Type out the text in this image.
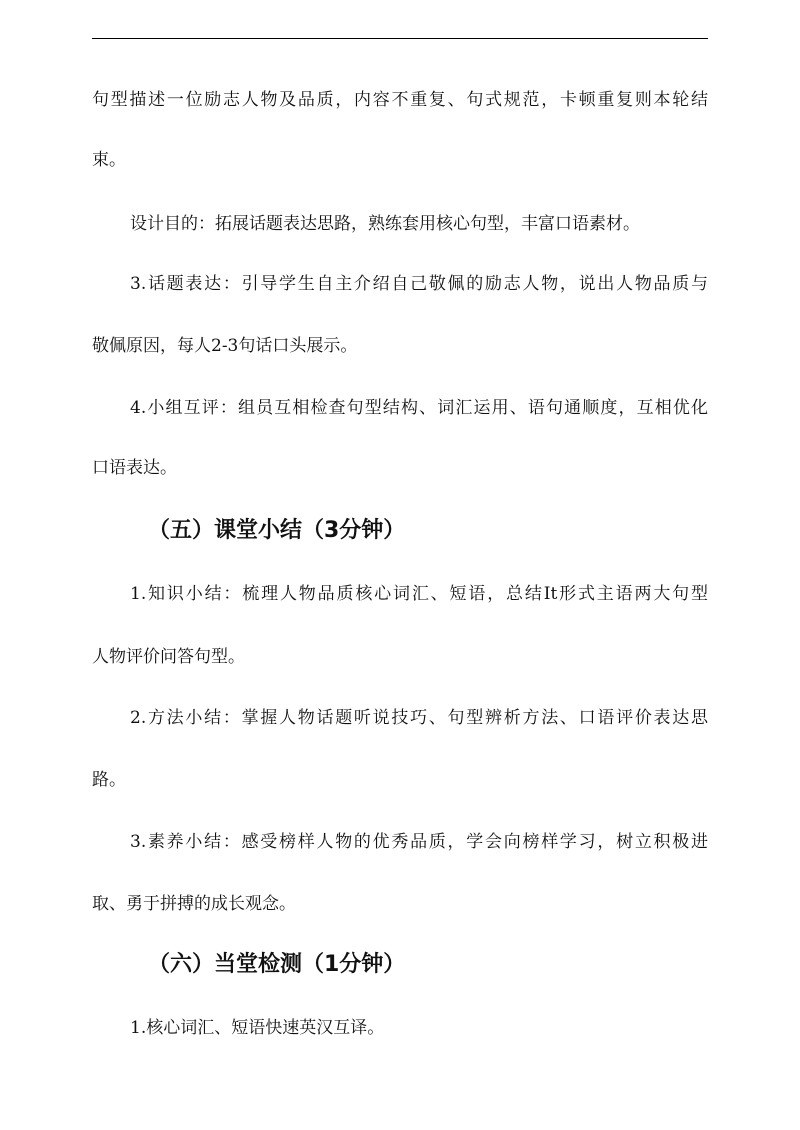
句型描述一位励志人物及品质，内容不重复、句式规范，卡顿重复则本轮结
束。
设计目的：拓展话题表达思路，熟练套用核心句型，丰富口语素材。
3.话题表达：引导学生自主介绍自己敬佩的励志人物，说出人物品质与
敬佩原因，每人2-3句话口头展示。
4.小组互评：组员互相检查句型结构、词汇运用、语句通顺度，互相优化
口语表达。
（五）课堂小结（3分钟）
1.知识小结：梳理人物品质核心词汇、短语，总结It形式主语两大句型
人物评价问答句型。
2.方法小结：掌握人物话题听说技巧、句型辨析方法、口语评价表达思
路。
3.素养小结：感受榜样人物的优秀品质，学会向榜样学习，树立积极进
取、勇于拼搏的成长观念。
（六）当堂检测（1分钟）
1.核心词汇、短语快速英汉互译。
